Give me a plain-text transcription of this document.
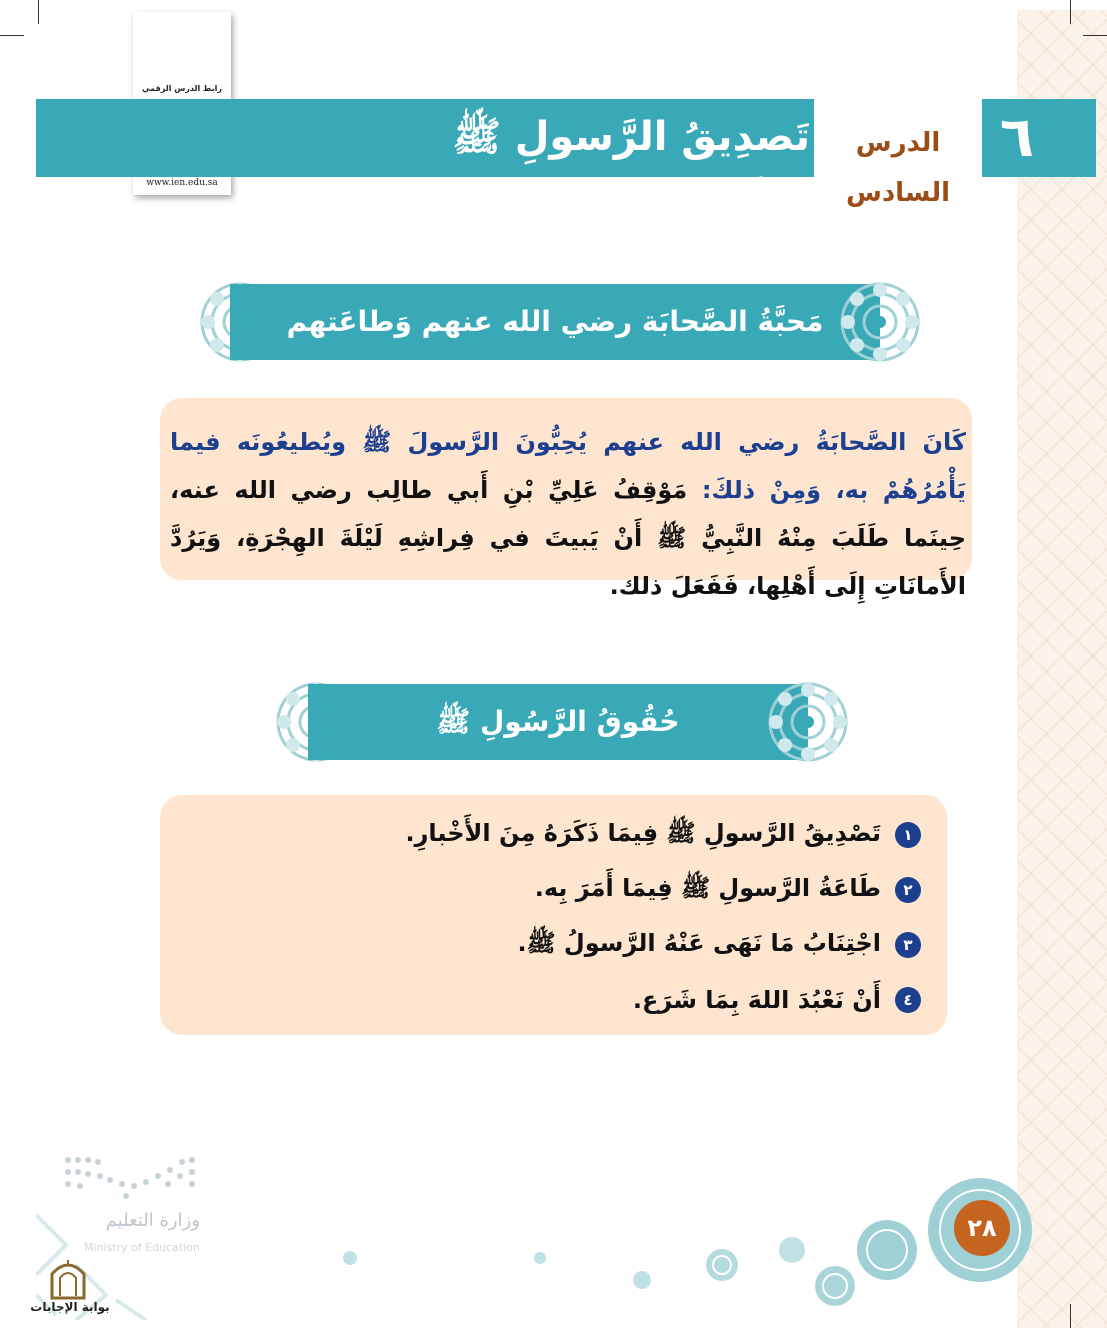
رابط الدرس الرقمي
www.ien.edu.sa
تَصدِيقُ الرَّسولِ ﷺ وَطَاعَتُه
الدرس السادس
٦
مَحبَّةُ الصَّحابَة رضي الله عنهم وَطاعَتهم
كَانَ الصَّحابَةُ رضي الله عنهم يُحِبُّونَ الرَّسولَ ﷺ ويُطيعُونَه فيما يَأْمُرُهُمْ به، وَمِنْ ذلكَ: مَوْقِفُ عَلِيِّ بْنِ أَبي طالِب رضي الله عنه، حِينَما طَلَبَ مِنْهُ النَّبِيُّ ﷺ أَنْ يَبيتَ في فِراشِهِ لَيْلَةَ الهِجْرَةِ، وَيَرُدَّ الأَمانَاتِ إِلَى أَهْلِها، فَفَعَلَ ذلك.
حُقُوقُ الرَّسُولِ ﷺ
١
تَصْدِيقُ الرَّسولِ ﷺ فِيمَا ذَكَرَهُ مِنَ الأَخْبارِ.
٢
طَاعَةُ الرَّسولِ ﷺ فِيمَا أَمَرَ بِه.
٣
اجْتِنَابُ مَا نَهَى عَنْهُ الرَّسولُ ﷺ.
٤
أَنْ نَعْبُدَ اللهَ بِمَا شَرَع.
٢٨
وزارة التعليم
Ministry of Education
بوابة الإجابات
